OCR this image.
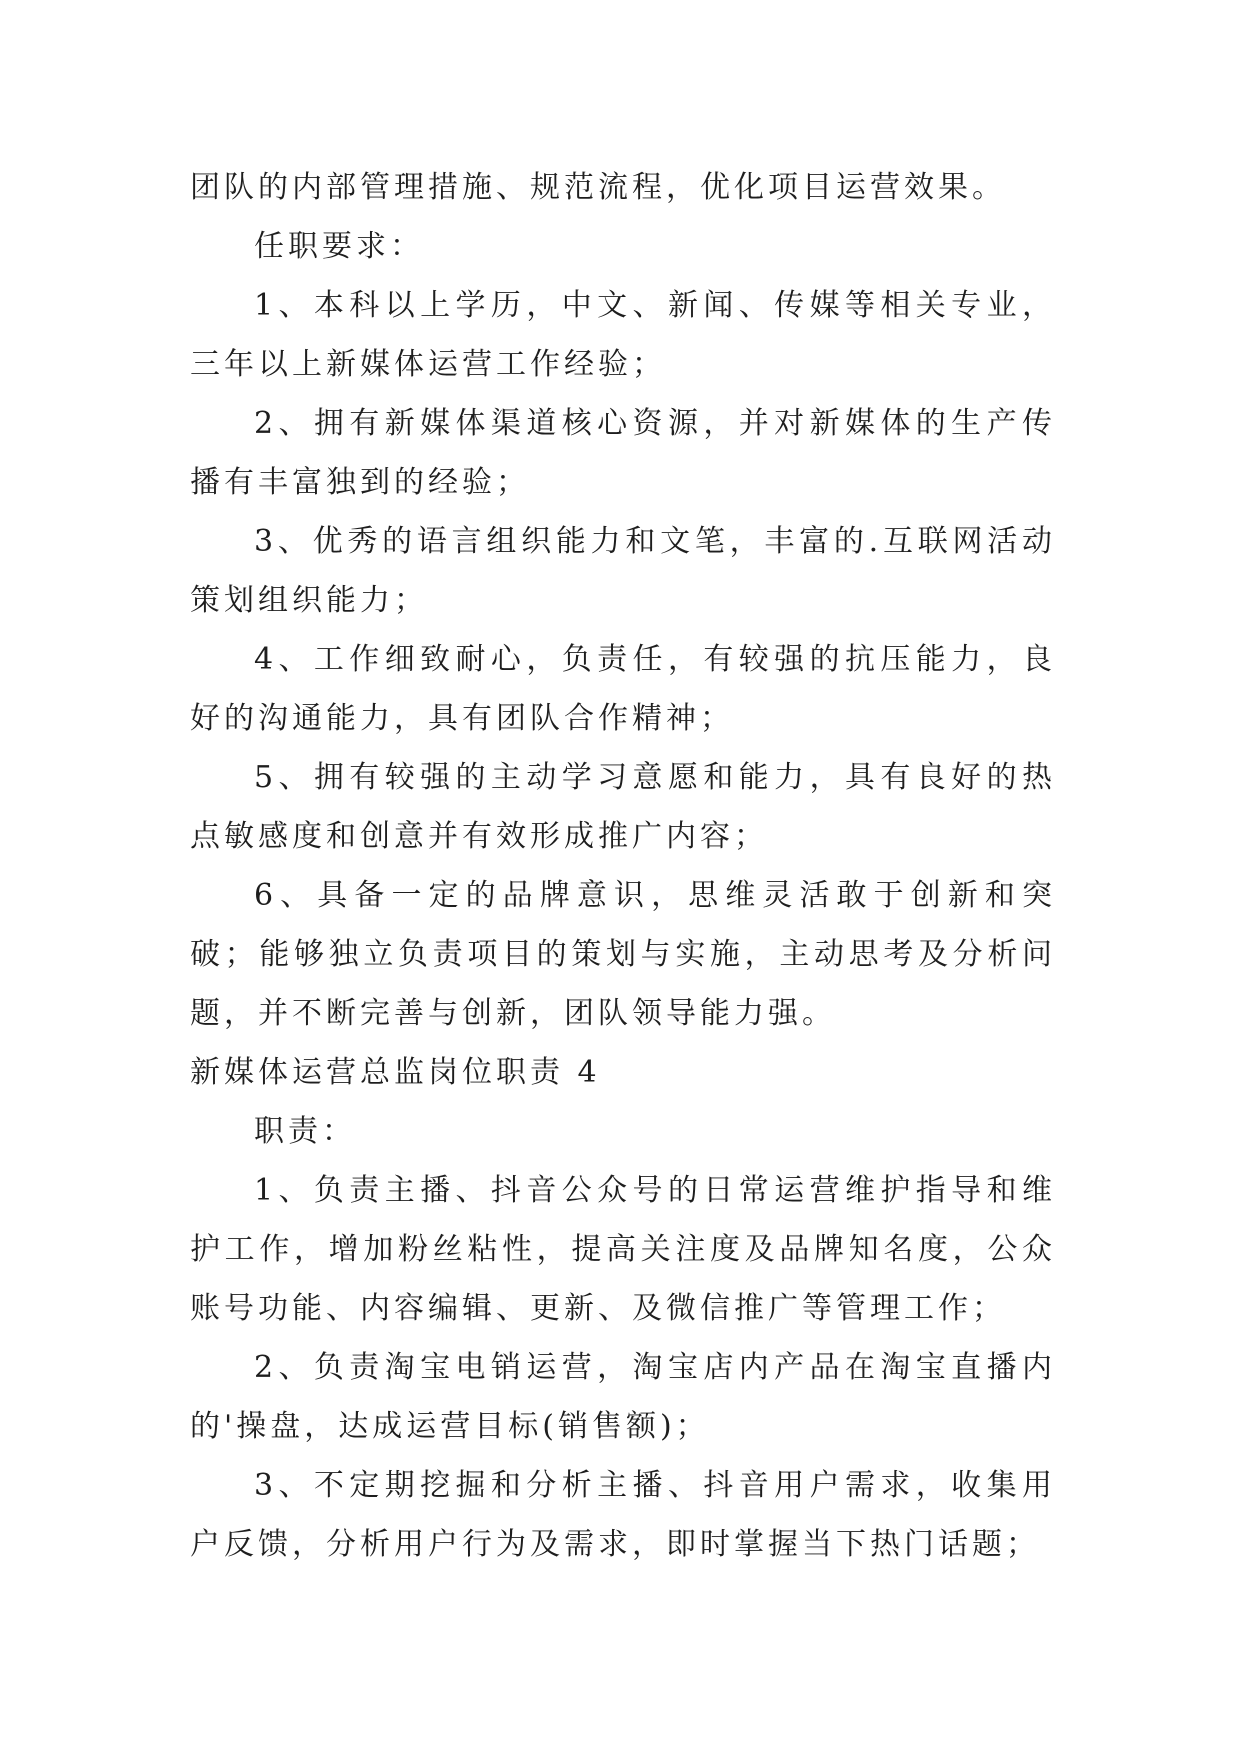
团队的内部管理措施、规范流程，优化项目运营效果。

任职要求：

1、本科以上学历，中文、新闻、传媒等相关专业，三年以上新媒体运营工作经验；

2、拥有新媒体渠道核心资源，并对新媒体的生产传播有丰富独到的经验；

3、优秀的语言组织能力和文笔，丰富的.互联网活动策划组织能力；

4、工作细致耐心，负责任，有较强的抗压能力，良好的沟通能力，具有团队合作精神；

5、拥有较强的主动学习意愿和能力，具有良好的热点敏感度和创意并有效形成推广内容；

6、具备一定的品牌意识，思维灵活敢于创新和突破；能够独立负责项目的策划与实施，主动思考及分析问题，并不断完善与创新，团队领导能力强。

新媒体运营总监岗位职责 4

职责：

1、负责主播、抖音公众号的日常运营维护指导和维护工作，增加粉丝粘性，提高关注度及品牌知名度，公众账号功能、内容编辑、更新、及微信推广等管理工作；

2、负责淘宝电销运营，淘宝店内产品在淘宝直播内的'操盘，达成运营目标(销售额)；

3、不定期挖掘和分析主播、抖音用户需求，收集用户反馈，分析用户行为及需求，即时掌握当下热门话题；
